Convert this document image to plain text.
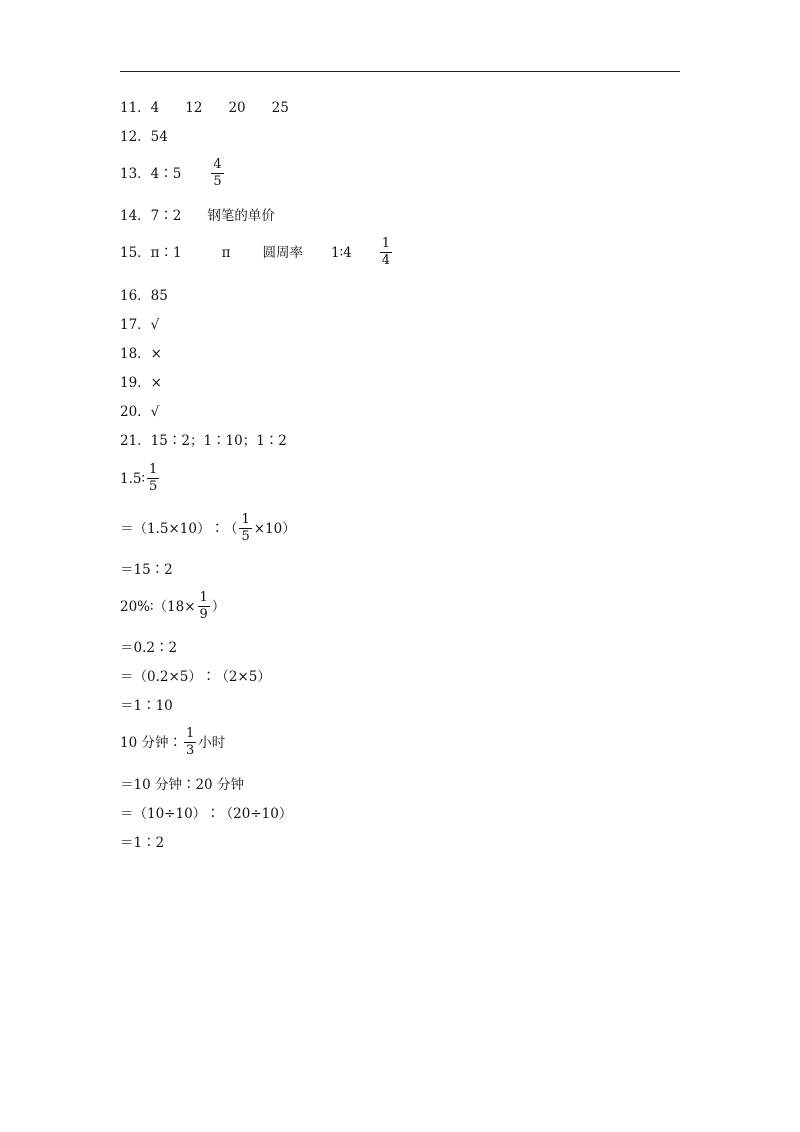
11．4 12 20 25
12．54
13．4∶5 $\frac{4}{5}$
14．7∶2 钢笔的单价
15．π∶1	π 圆周率 1∶4 $\frac{1}{4}$
16．85
17．√
18．×
19．×
20．√
21．15∶2；1∶10；1∶2
1.5∶ $\frac{1}{5}$
＝（1.5×10）∶（ $\frac{1}{5} \times 10$）
＝15∶2
20%∶（18× $\frac{1}{9}$ ）
＝0.2∶2
＝（0.2×5）∶（2×5）
＝1∶10
10 分钟∶ $\frac{1}{3}$ 小时
＝10 分钟∶20 分钟
＝（10÷10）∶（20÷10）
＝1∶2
